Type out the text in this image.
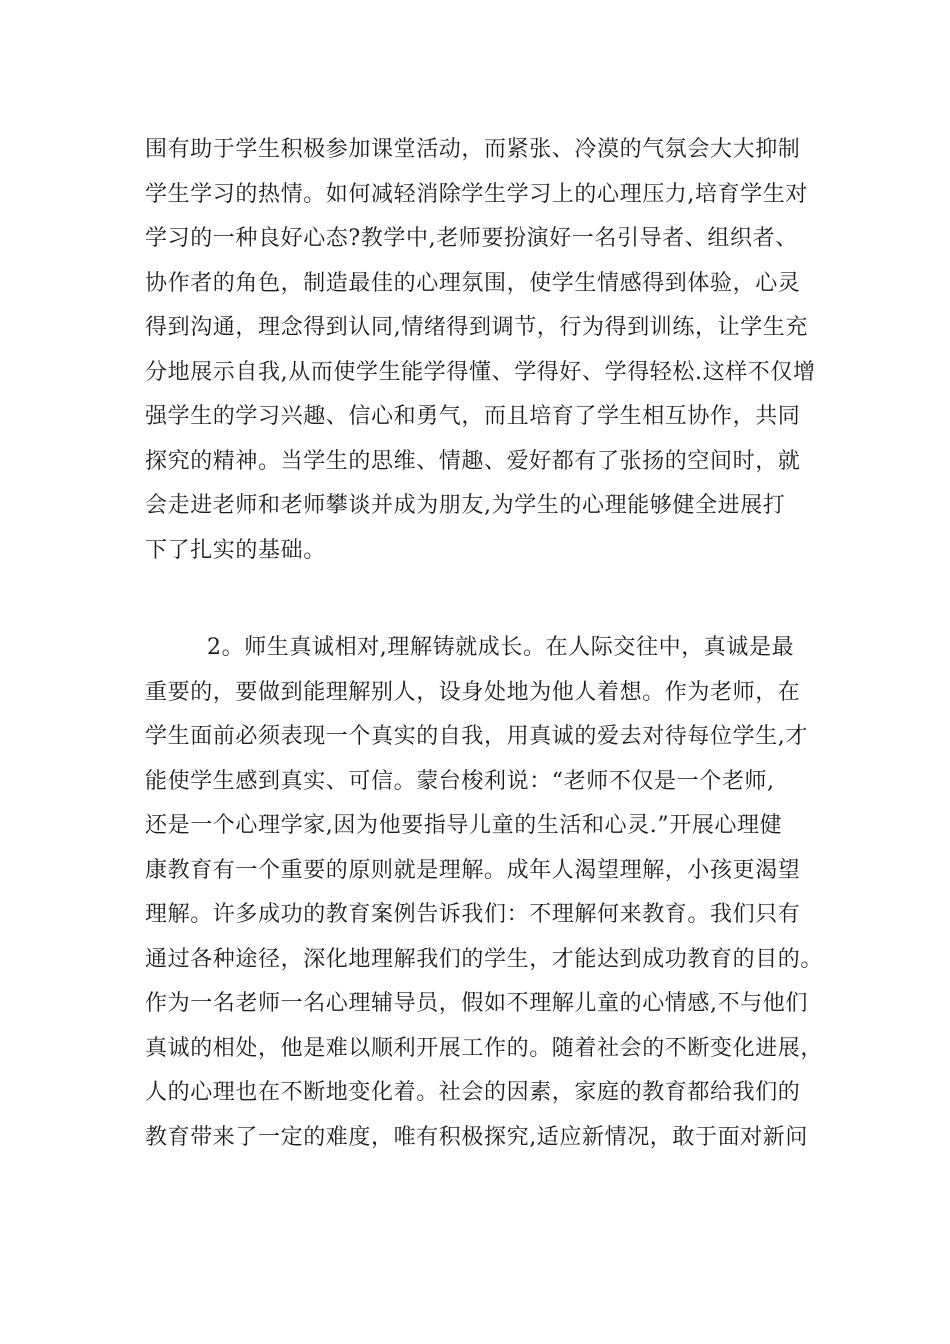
围有助于学生积极参加课堂活动，而紧张、冷漠的气氛会大大抑制
学生学习的热情。如何减轻消除学生学习上的心理压力,培育学生对
学习的一种良好心态?教学中,老师要扮演好一名引导者、组织者、
协作者的角色，制造最佳的心理氛围，使学生情感得到体验，心灵
得到沟通，理念得到认同,情绪得到调节，行为得到训练，让学生充
分地展示自我,从而使学生能学得懂、学得好、学得轻松.这样不仅增
强学生的学习兴趣、信心和勇气，而且培育了学生相互协作，共同
探究的精神。当学生的思维、情趣、爱好都有了张扬的空间时，就
会走进老师和老师攀谈并成为朋友,为学生的心理能够健全进展打
下了扎实的基础。
2。师生真诚相对,理解铸就成长。在人际交往中，真诚是最
重要的，要做到能理解别人，设身处地为他人着想。作为老师，在
学生面前必须表现一个真实的自我，用真诚的爱去对待每位学生,才
能使学生感到真实、可信。蒙台梭利说：“老师不仅是一个老师,
还是一个心理学家,因为他要指导儿童的生活和心灵.”开展心理健
康教育有一个重要的原则就是理解。成年人渴望理解，小孩更渴望
理解。许多成功的教育案例告诉我们：不理解何来教育。我们只有
通过各种途径，深化地理解我们的学生，才能达到成功教育的目的。
作为一名老师一名心理辅导员，假如不理解儿童的心情感,不与他们
真诚的相处，他是难以顺利开展工作的。随着社会的不断变化进展，
人的心理也在不断地变化着。社会的因素，家庭的教育都给我们的
教育带来了一定的难度，唯有积极探究,适应新情况，敢于面对新问
